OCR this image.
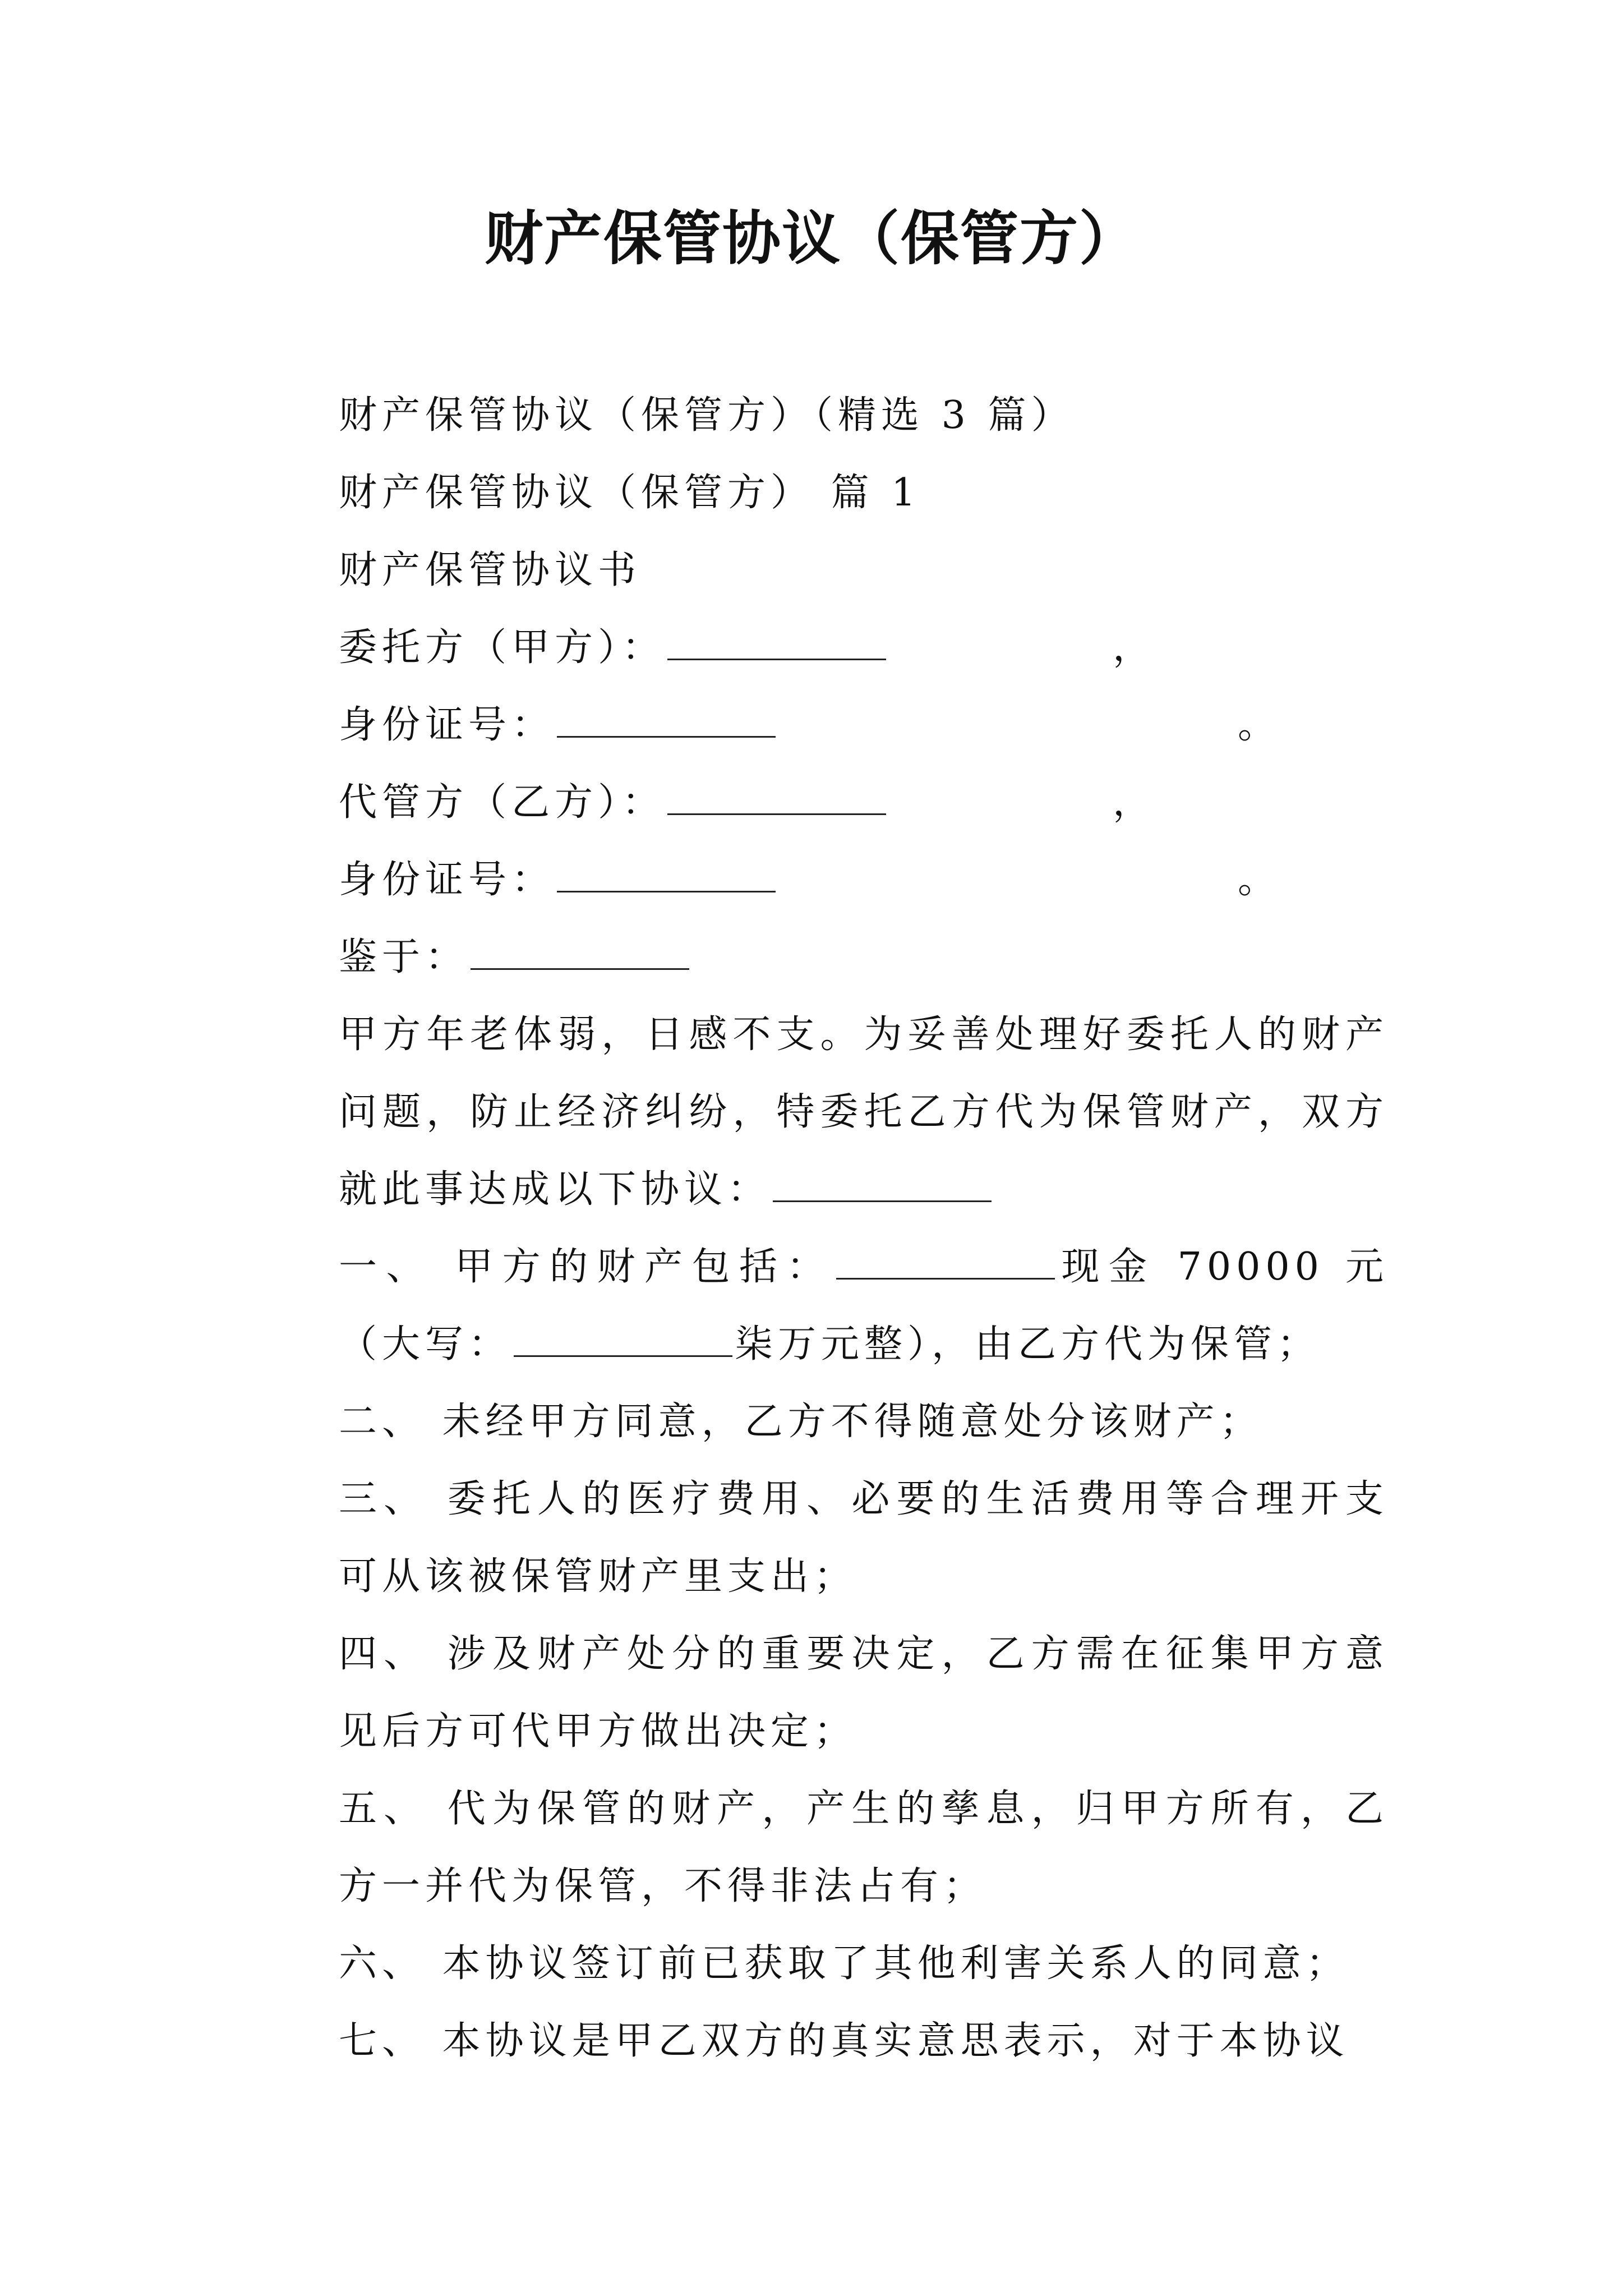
财产保管协议（保管方）

财产保管协议（保管方）（精选 3 篇）

财产保管协议（保管方） 篇 1

财产保管协议书

委托方（甲方）：	，

身份证号：	。

代管方（乙方）：	，

身份证号：	。

鉴于：

甲方年老体弱，日感不支。为妥善处理好委托人的财产问题，防止经济纠纷，特委托乙方代为保管财产，双方就此事达成以下协议：

一、 甲方的财产包括：	现金 70000 元（大写：	柒万元整），由乙方代为保管；

二、 未经甲方同意，乙方不得随意处分该财产；

三、 委托人的医疗费用、必要的生活费用等合理开支可从该被保管财产里支出；

四、 涉及财产处分的重要决定，乙方需在征集甲方意见后方可代甲方做出决定；

五、 代为保管的财产，产生的孳息，归甲方所有，乙方一并代为保管，不得非法占有；

六、 本协议签订前已获取了其他利害关系人的同意；

七、 本协议是甲乙双方的真实意思表示，对于本协议
